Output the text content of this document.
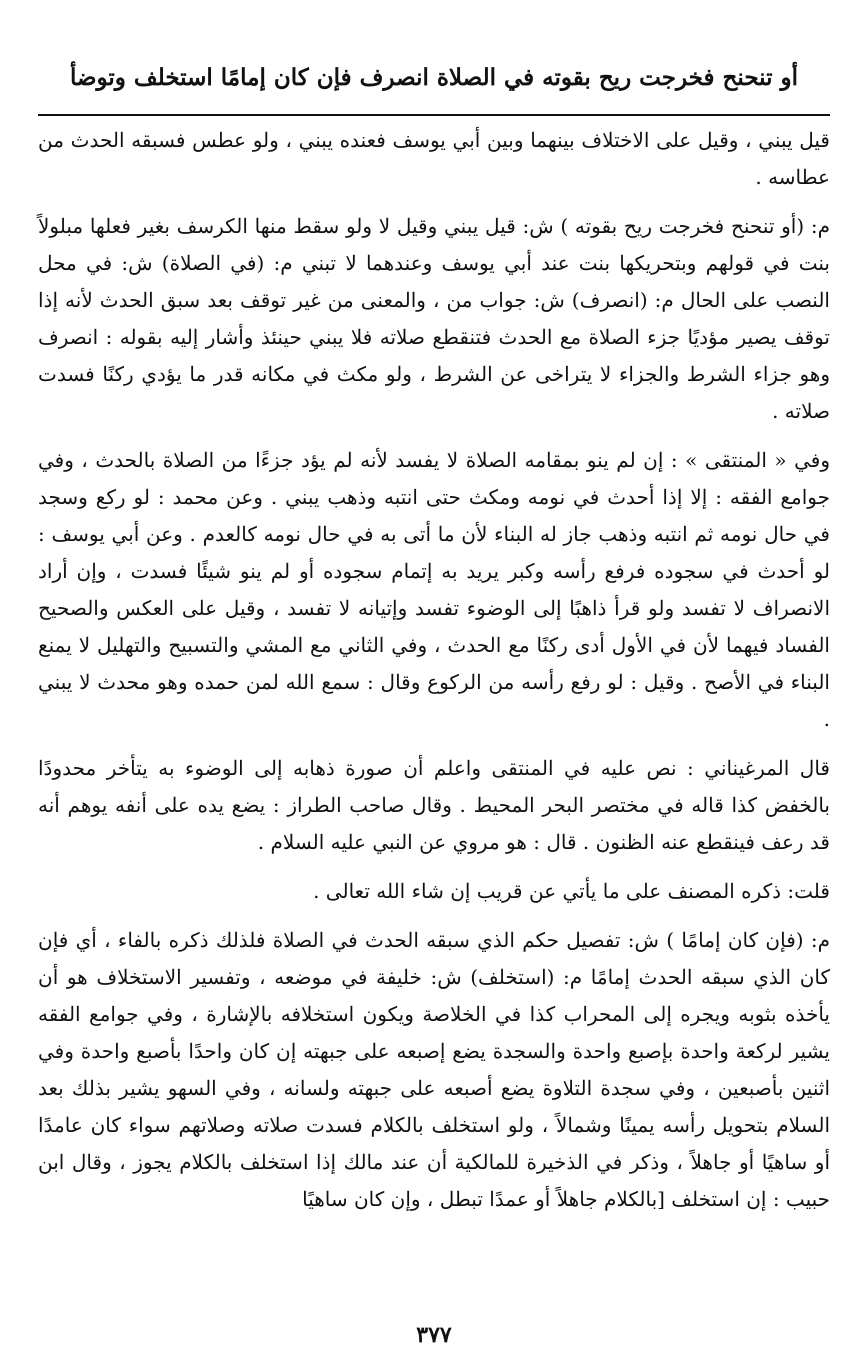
أو تنحنح فخرجت ريح بقوته في الصلاة انصرف فإن كان إمامًا استخلف وتوضأ

قيل يبني ، وقيل على الاختلاف بينهما وبين أبي يوسف فعنده يبني ، ولو عطس فسبقه الحدث من عطاسه .

م: (أو تنحنح فخرجت ريح بقوته ) ش: قيل يبني وقيل لا ولو سقط منها الكرسف بغير فعلها مبلولاً بنت في قولهم وبتحريكها بنت عند أبي يوسف وعندهما لا تبني م: (في الصلاة) ش: في محل النصب على الحال م: (انصرف) ش: جواب من ، والمعنى من غير توقف بعد سبق الحدث لأنه إذا توقف يصير مؤديًا جزء الصلاة مع الحدث فتنقطع صلاته فلا يبني حينئذ وأشار إليه بقوله : انصرف وهو جزاء الشرط والجزاء لا يتراخى عن الشرط ، ولو مكث في مكانه قدر ما يؤدي ركنًا فسدت صلاته .

وفي « المنتقى » : إن لم ينو بمقامه الصلاة لا يفسد لأنه لم يؤد جزءًا من الصلاة بالحدث ، وفي جوامع الفقه : إلا إذا أحدث في نومه ومكث حتى انتبه وذهب يبني . وعن محمد : لو ركع وسجد في حال نومه ثم انتبه وذهب جاز له البناء لأن ما أتى به في حال نومه كالعدم . وعن أبي يوسف : لو أحدث في سجوده فرفع رأسه وكبر يريد به إتمام سجوده أو لم ينو شيئًا فسدت ، وإن أراد الانصراف لا تفسد ولو قرأ ذاهبًا إلى الوضوء تفسد وإتيانه لا تفسد ، وقيل على العكس والصحيح الفساد فيهما لأن في الأول أدى ركنًا مع الحدث ، وفي الثاني مع المشي والتسبيح والتهليل لا يمنع البناء في الأصح . وقيل : لو رفع رأسه من الركوع وقال : سمع الله لمن حمده وهو محدث لا يبني .

قال المرغيناني : نص عليه في المنتقى واعلم أن صورة ذهابه إلى الوضوء به يتأخر محدودًا بالخفض كذا قاله في مختصر البحر المحيط . وقال صاحب الطراز : يضع يده على أنفه يوهم أنه قد رعف فينقطع عنه الظنون . قال : هو مروي عن النبي عليه السلام .

قلت: ذكره المصنف على ما يأتي عن قريب إن شاء الله تعالى .

م: (فإن كان إمامًا ) ش: تفصيل حكم الذي سبقه الحدث في الصلاة فلذلك ذكره بالفاء ، أي فإن كان الذي سبقه الحدث إمامًا م: (استخلف) ش: خليفة في موضعه ، وتفسير الاستخلاف هو أن يأخذه بثوبه ويجره إلى المحراب كذا في الخلاصة ويكون استخلافه بالإشارة ، وفي جوامع الفقه يشير لركعة واحدة بإصبع واحدة والسجدة يضع إصبعه على جبهته إن كان واحدًا بأصبع واحدة وفي اثنين بأصبعين ، وفي سجدة التلاوة يضع أصبعه على جبهته ولسانه ، وفي السهو يشير بذلك بعد السلام بتحويل رأسه يمينًا وشمالاً ، ولو استخلف بالكلام فسدت صلاته وصلاتهم سواء كان عامدًا أو ساهيًا أو جاهلاً ، وذكر في الذخيرة للمالكية أن عند مالك إذا استخلف بالكلام يجوز ، وقال ابن حبيب : إن استخلف [بالكلام جاهلاً أو عمدًا تبطل ، وإن كان ساهيًا

٣٧٧
